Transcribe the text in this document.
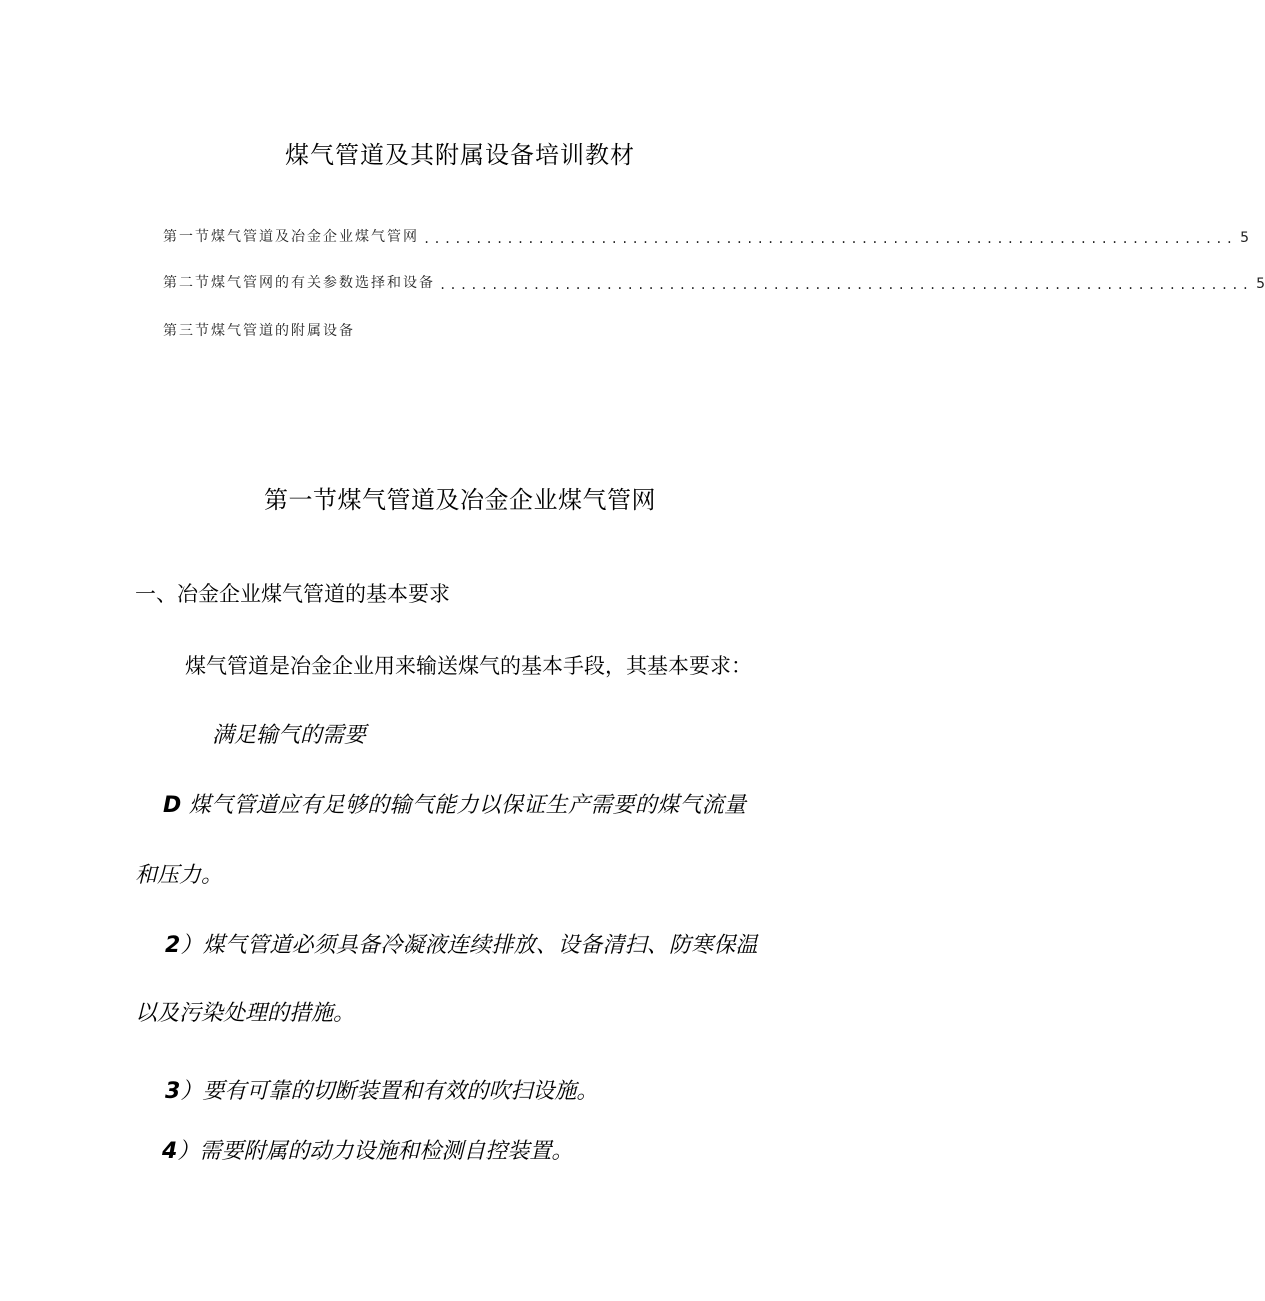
煤气管道及其附属设备培训教材
第一节煤气管道及冶金企业煤气管网 .............................................................................. 5
第二节煤气管网的有关参数选择和设备 .............................................................................. 5
第三节煤气管道的附属设备
第一节煤气管道及冶金企业煤气管网
一、冶金企业煤气管道的基本要求
煤气管道是冶金企业用来输送煤气的基本手段，其基本要求：
满足输气的需要
D 煤气管道应有足够的输气能力以保证生产需要的煤气流量
和压力。
2）煤气管道必须具备冷凝液连续排放、设备清扫、防寒保温
以及污染处理的措施。
3）要有可靠的切断装置和有效的吹扫设施。
4）需要附属的动力设施和检测自控装置。
